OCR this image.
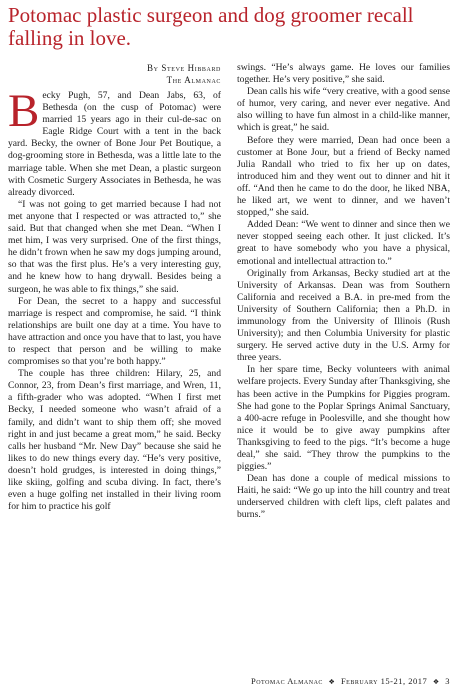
Potomac plastic surgeon and dog groomer recall falling in love.
By Steve Hibbard
The Almanac

Becky Pugh, 57, and Dean Jabs, 63, of Bethesda (on the cusp of Potomac) were married 15 years ago in their cul-de-sac on Eagle Ridge Court with a tent in the back yard. Becky, the owner of Bone Jour Pet Boutique, a dog-grooming store in Bethesda, was a little late to the marriage table. When she met Dean, a plastic surgeon with Cosmetic Surgery Associates in Bethesda, he was already divorced.

“I was not going to get married because I had not met anyone that I respected or was attracted to,” she said. But that changed when she met Dean. “When I met him, I was very surprised. One of the first things, he didn’t frown when he saw my dogs jumping around, so that was the first plus. He’s a very interesting guy, and he knew how to hang drywall. Besides being a surgeon, he was able to fix things,” she said.

For Dean, the secret to a happy and successful marriage is respect and compromise, he said. “I think relationships are built one day at a time. You have to have attraction and once you have that to last, you have to respect that person and be willing to make compromises so that you’re both happy.”

The couple has three children: Hilary, 25, and Connor, 23, from Dean’s first marriage, and Wren, 11, a fifth-grader who was adopted. “When I first met Becky, I needed someone who wasn’t afraid of a family, and didn’t want to ship them off; she moved right in and just became a great mom,” he said. Becky calls her husband “Mr. New Day” because she said he likes to do new things every day. “He’s very positive, doesn’t hold grudges, is interested in doing things,” like skiing, golfing and scuba diving. In fact, there’s even a huge golfing net installed in their living room for him to practice his golf

swings. “He’s always game. He loves our families together. He’s very positive,” she said.

Dean calls his wife “very creative, with a good sense of humor, very caring, and never ever negative. And also willing to have fun almost in a child-like manner, which is great,” he said.

Before they were married, Dean had once been a customer at Bone Jour, but a friend of Becky named Julia Randall who tried to fix her up on dates, introduced him and they went out to dinner and hit it off. “And then he came to do the door, he liked NBA, he liked art, we went to dinner, and we haven’t stopped,” she said.

Added Dean: “We went to dinner and since then we never stopped seeing each other. It just clicked. It’s great to have somebody who you have a physical, emotional and intellectual attraction to.”

Originally from Arkansas, Becky studied art at the University of Arkansas. Dean was from Southern California and received a B.A. in pre-med from the University of Southern California; then a Ph.D. in immunology from the University of Illinois (Rush University); and then Columbia University for plastic surgery. He served active duty in the U.S. Army for three years.

In her spare time, Becky volunteers with animal welfare projects. Every Sunday after Thanksgiving, she has been active in the Pumpkins for Piggies program. She had gone to the Poplar Springs Animal Sanctuary, a 400-acre refuge in Poolesville, and she thought how nice it would be to give away pumpkins after Thanksgiving to feed to the pigs. “It’s become a huge deal,” she said. “They throw the pumpkins to the piggies.”

Dean has done a couple of medical missions to Haiti, he said: “We go up into the hill country and treat underserved children with cleft lips, cleft palates and burns.”

Potomac Almanac ❖ February 15-21, 2017 ❖ 3
